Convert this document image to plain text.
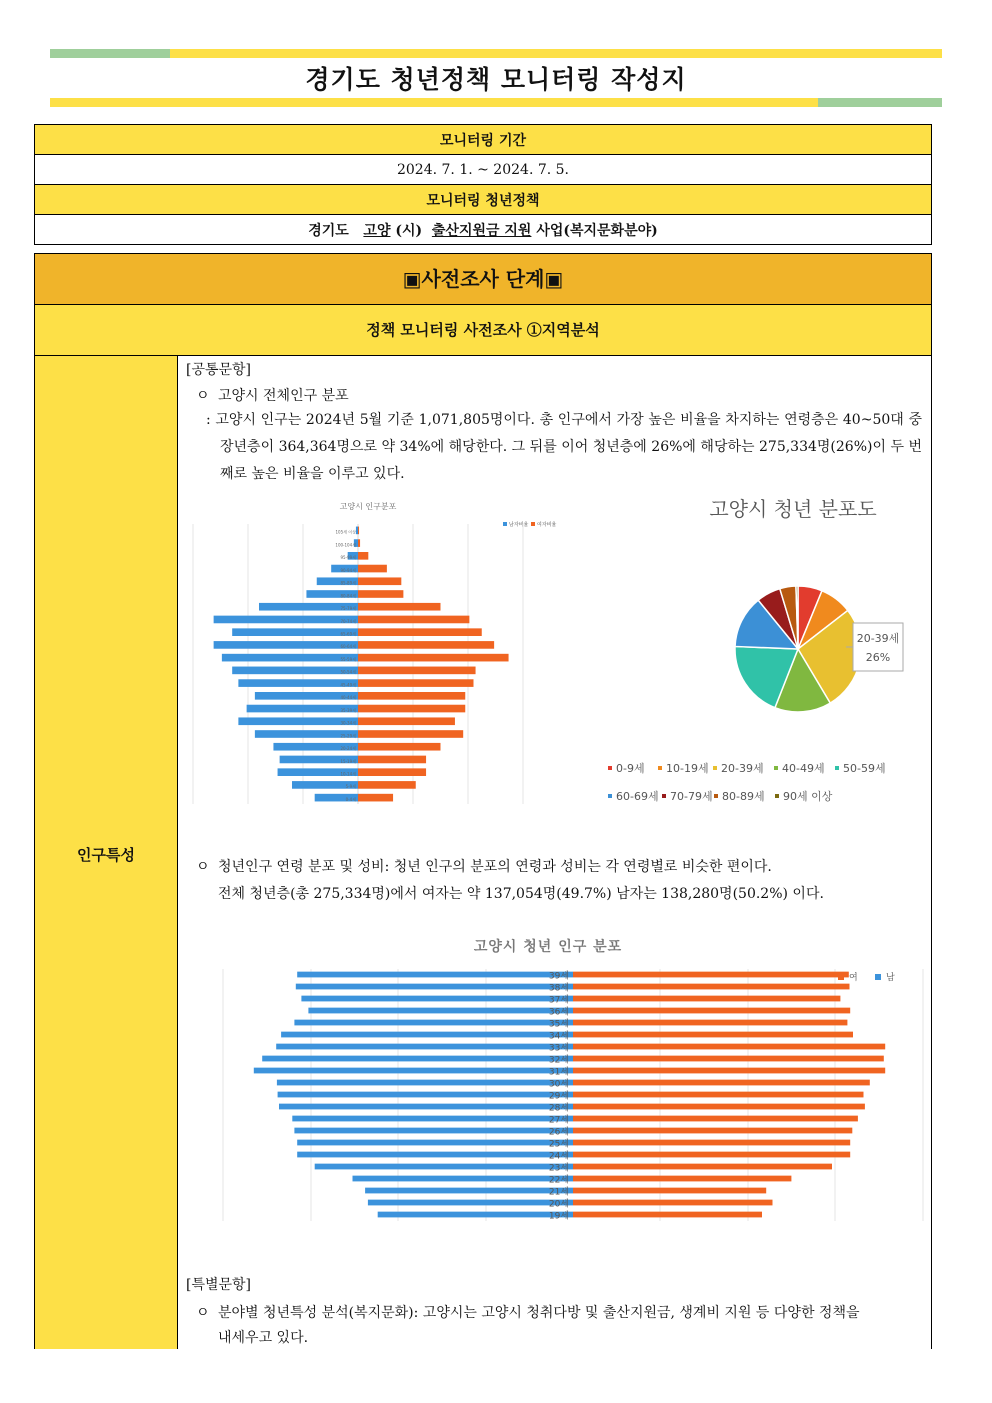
경기도 청년정책 모니터링 작성지
모니터링 기간
2024. 7. 1. ~ 2024. 7. 5.
모니터링 청년정책
경기도 고양 (시) 출산지원금 지원 사업(복지문화분야)
▣사전조사 단계▣
정책 모니터링 사전조사 ①지역분석
인구특성
[공통문항]
ㅇ 고양시 전체인구 분포
: 고양시 인구는 2024년 5월 기준 1,071,805명이다. 총 인구에서 가장 높은 비율을 차지하는 연령층은 40~50대 중장년층이 364,364명으로 약 34%에 해당한다. 그 뒤를 이어 청년층에 26%에 해당하는 275,334명(26%)이 두 번째로 높은 비율을 이루고 있다.
고양시 인구분포
남자비율 여자비율
0-4세
5-9세
10-14세
15-19세
20-24세
25-29세
30-34세
35-39세
40-44세
45-49세
50-54세
55-59세
60-64세
65-69세
70-74세
75-79세
80-84세
85-89세
90-94세
95-99세
100-104세
105세 이상
고양시 청년 분포도
20-39세
26%
0-9세 10-19세 20-39세 40-49세 50-59세
60-69세 70-79세 80-89세 90세 이상
ㅇ 청년인구 연령 분포 및 성비: 청년 인구의 분포의 연령과 성비는 각 연령별로 비슷한 편이다.
전체 청년층(총 275,334명)에서 여자는 약 137,054명(49.7%) 남자는 138,280명(50.2%) 이다.
고양시 청년 인구 분포
여	남
19세
20세
21세
22세
23세
24세
25세
26세
27세
28세
29세
30세
31세
32세
33세
34세
35세
36세
37세
38세
39세
[특별문항]
ㅇ 분야별 청년특성 분석(복지문화): 고양시는 고양시 청취다방 및 출산지원금, 생계비 지원 등 다양한 정책을
내세우고 있다.
